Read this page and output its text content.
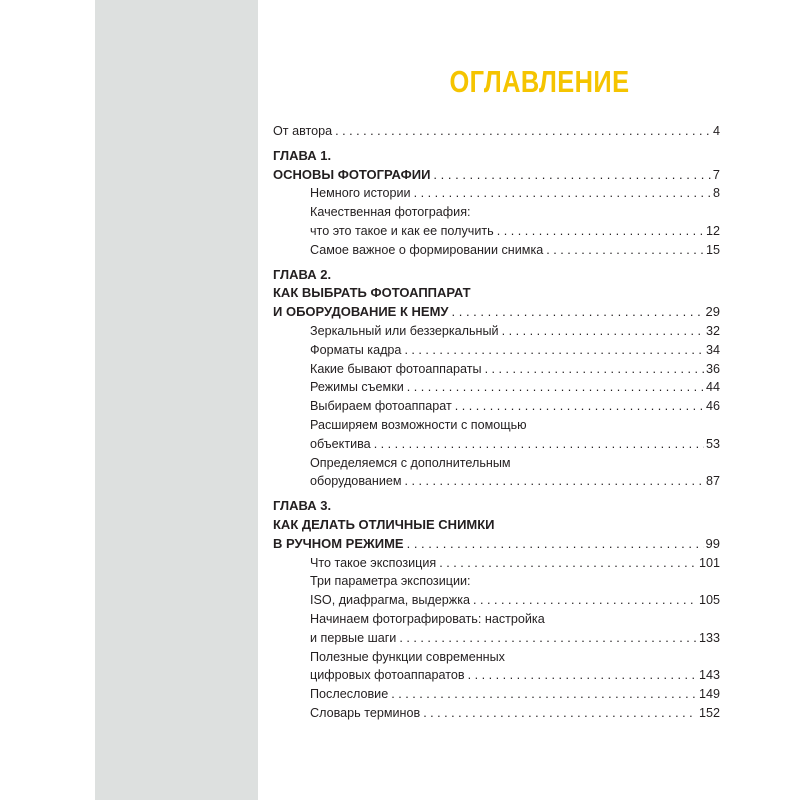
ОГЛАВЛЕНИЕ
От автора . . .	4
ГЛАВА 1.
ОСНОВЫ ФОТОГРАФИИ . . .	7
Немного истории . . .	8
Качественная фотография:
что это такое и как ее получить . . .	12
Самое важное о формировании снимка . . .	15
ГЛАВА 2.
КАК ВЫБРАТЬ ФОТОАППАРАТ
И ОБОРУДОВАНИЕ К НЕМУ . . .	29
Зеркальный или беззеркальный . . .	32
Форматы кадра . . .	34
Какие бывают фотоаппараты . . .	36
Режимы съемки . . .	44
Выбираем фотоаппарат . . .	46
Расширяем возможности с помощью
объектива . . .	53
Определяемся с дополнительным
оборудованием . . .	87
ГЛАВА 3.
КАК ДЕЛАТЬ ОТЛИЧНЫЕ СНИМКИ
В РУЧНОМ РЕЖИМЕ . . .	99
Что такое экспозиция . . .	101
Три параметра экспозиции:
ISO, диафрагма, выдержка . . .	105
Начинаем фотографировать: настройка
и первые шаги . . .	133
Полезные функции современных
цифровых фотоаппаратов . . .	143
Послесловие . . .	149
Словарь терминов . . .	152
